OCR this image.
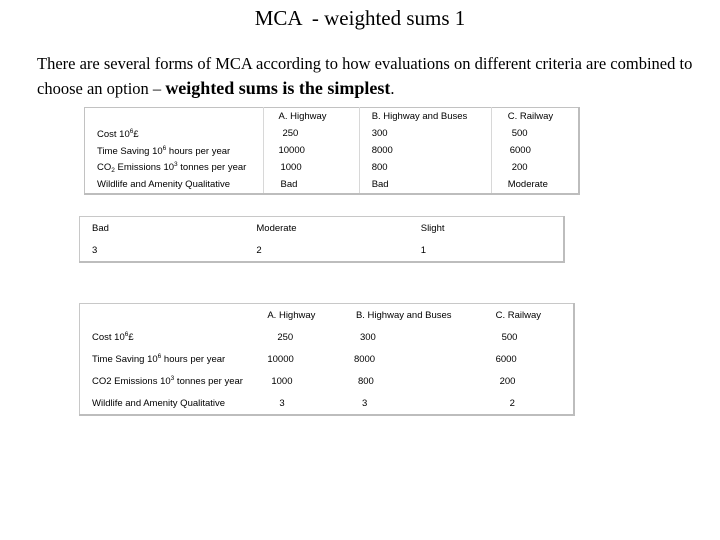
MCA  - weighted sums 1
There are several forms of MCA according to how evaluations on different criteria are combined to choose an option – weighted sums is the simplest.
	A. Highway	B. Highway and Buses	C. Railway
Cost $10^6£$	250	300	500
Time Saving $10^6$ hours per year	10000	8000	6000
$CO_2$ Emissions $10^3$ tonnes per year	1000	800	200
Wildlife and Amenity Qualitative	Bad	Bad	Moderate
Bad	Moderate	Slight
3	2	1
	A. Highway	B. Highway and Buses	C. Railway
Cost $10^6£$	250	300	500
Time Saving $10^6$ hours per year	10000	8000	6000
CO2 Emissions $10^3$ tonnes per year	1000	800	200
Wildlife and Amenity Qualitative	3	3	2
